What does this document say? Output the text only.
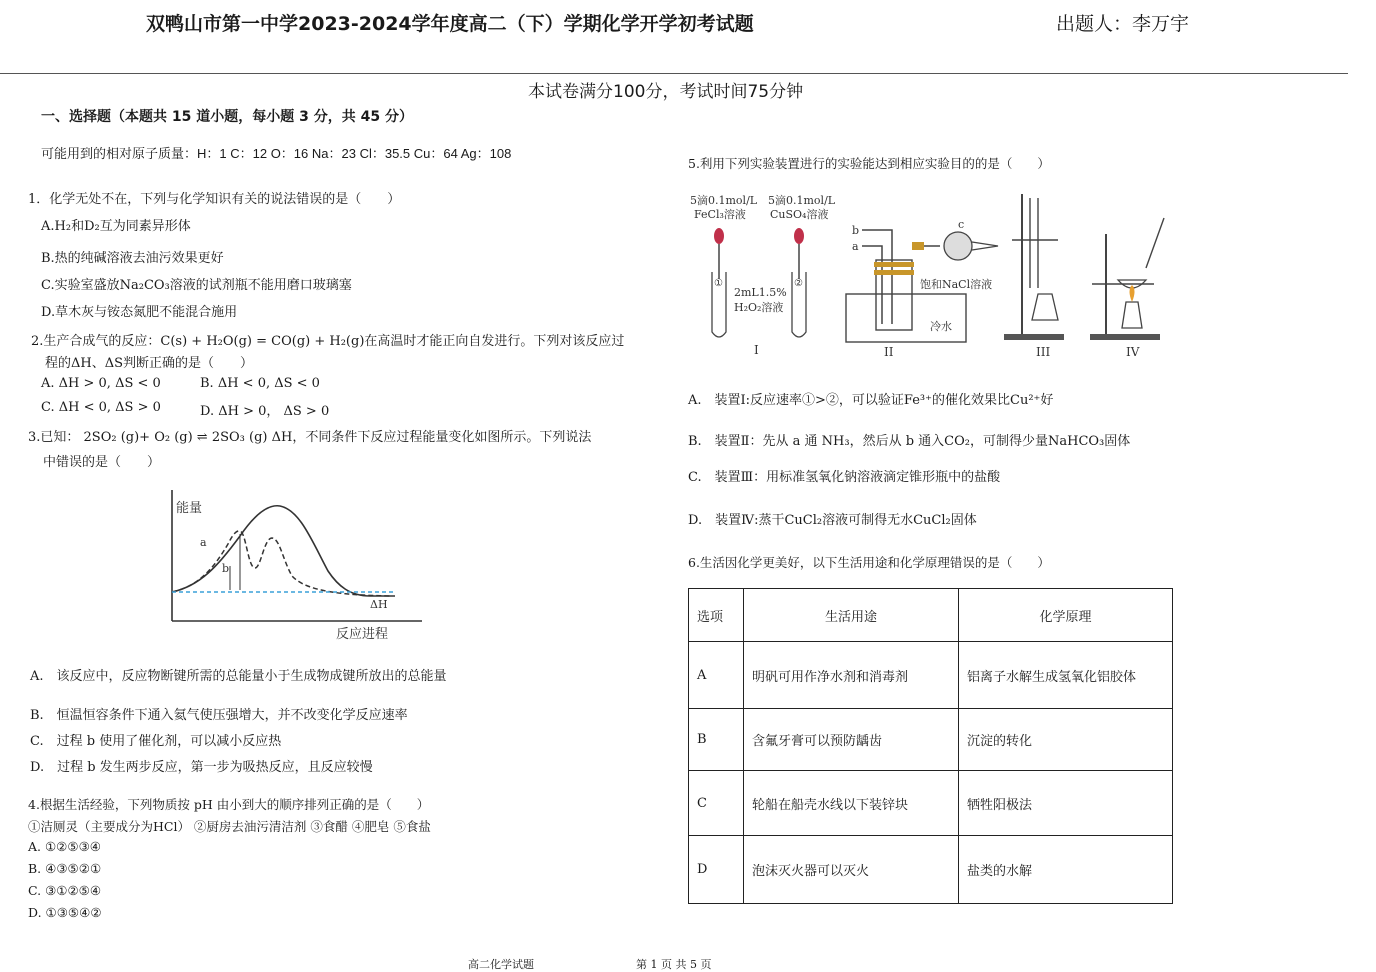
双鸭山市第一中学2023-2024学年度高二（下）学期化学开学初考试题	出题人：李万宇
本试卷满分100分，考试时间75分钟
一、选择题（本题共 15 道小题，每小题 3 分，共 45 分）
可能用到的相对原子质量：H：1 C：12 O：16 Na：23 Cl：35.5 Cu：64 Ag：108
1．化学无处不在，下列与化学知识有关的说法错误的是（　　）
A.H₂和D₂互为同素异形体
B.热的纯碱溶液去油污效果更好
C.实验室盛放Na₂CO₃溶液的试剂瓶不能用磨口玻璃塞
D.草木灰与铵态氮肥不能混合施用
2.生产合成气的反应：C(s) + H₂O(g) = CO(g) + H₂(g)在高温时才能正向自发进行。下列对该反应过
程的ΔH、ΔS判断正确的是（　　）
A. ΔH > 0, ΔS < 0	B. ΔH < 0, ΔS < 0
C. ΔH < 0, ΔS > 0	D. ΔH > 0， ΔS > 0
3.已知： 2SO₂ (g)+ O₂ (g) ⇌ 2SO₃ (g) ΔH，不同条件下反应过程能量变化如图所示。下列说法
中错误的是（　　）
能量
反应进程
a
b
ΔH
A.　该反应中，反应物断键所需的总能量小于生成物成键所放出的总能量
B.　恒温恒容条件下通入氦气使压强增大，并不改变化学反应速率
C.　过程 b 使用了催化剂，可以减小反应热
D.　过程 b 发生两步反应，第一步为吸热反应，且反应较慢
4.根据生活经验，下列物质按 pH 由小到大的顺序排列正确的是（　　）
①洁厕灵（主要成分为HCl） ②厨房去油污清洁剂 ③食醋 ④肥皂 ⑤食盐
A. ①②⑤③④
B. ④③⑤②①
C. ③①②⑤④
D. ①③⑤④②
5.利用下列实验装置进行的实验能达到相应实验目的的是（　　）
5滴0.1mol/L
FeCl₃溶液
5滴0.1mol/L
CuSO₄溶液
①	②
2mL1.5%
H₂O₂溶液
I
b
a
c
饱和NaCl溶液
冷水
II	III	IV
A.　装置Ⅰ:反应速率①>②，可以验证Fe³⁺的催化效果比Cu²⁺好
B.　装置Ⅱ：先从 a 通 NH₃，然后从 b 通入CO₂，可制得少量NaHCO₃固体
C.　装置Ⅲ：用标准氢氧化钠溶液滴定锥形瓶中的盐酸
D.　装置Ⅳ:蒸干CuCl₂溶液可制得无水CuCl₂固体
6.生活因化学更美好，以下生活用途和化学原理错误的是（　　）
选项	生活用途	化学原理
A	明矾可用作净水剂和消毒剂	铝离子水解生成氢氧化铝胶体
B	含氟牙膏可以预防龋齿	沉淀的转化
C	轮船在船壳水线以下装锌块	牺牲阳极法
D	泡沫灭火器可以灭火	盐类的水解
高二化学试题	第 1 页 共 5 页
